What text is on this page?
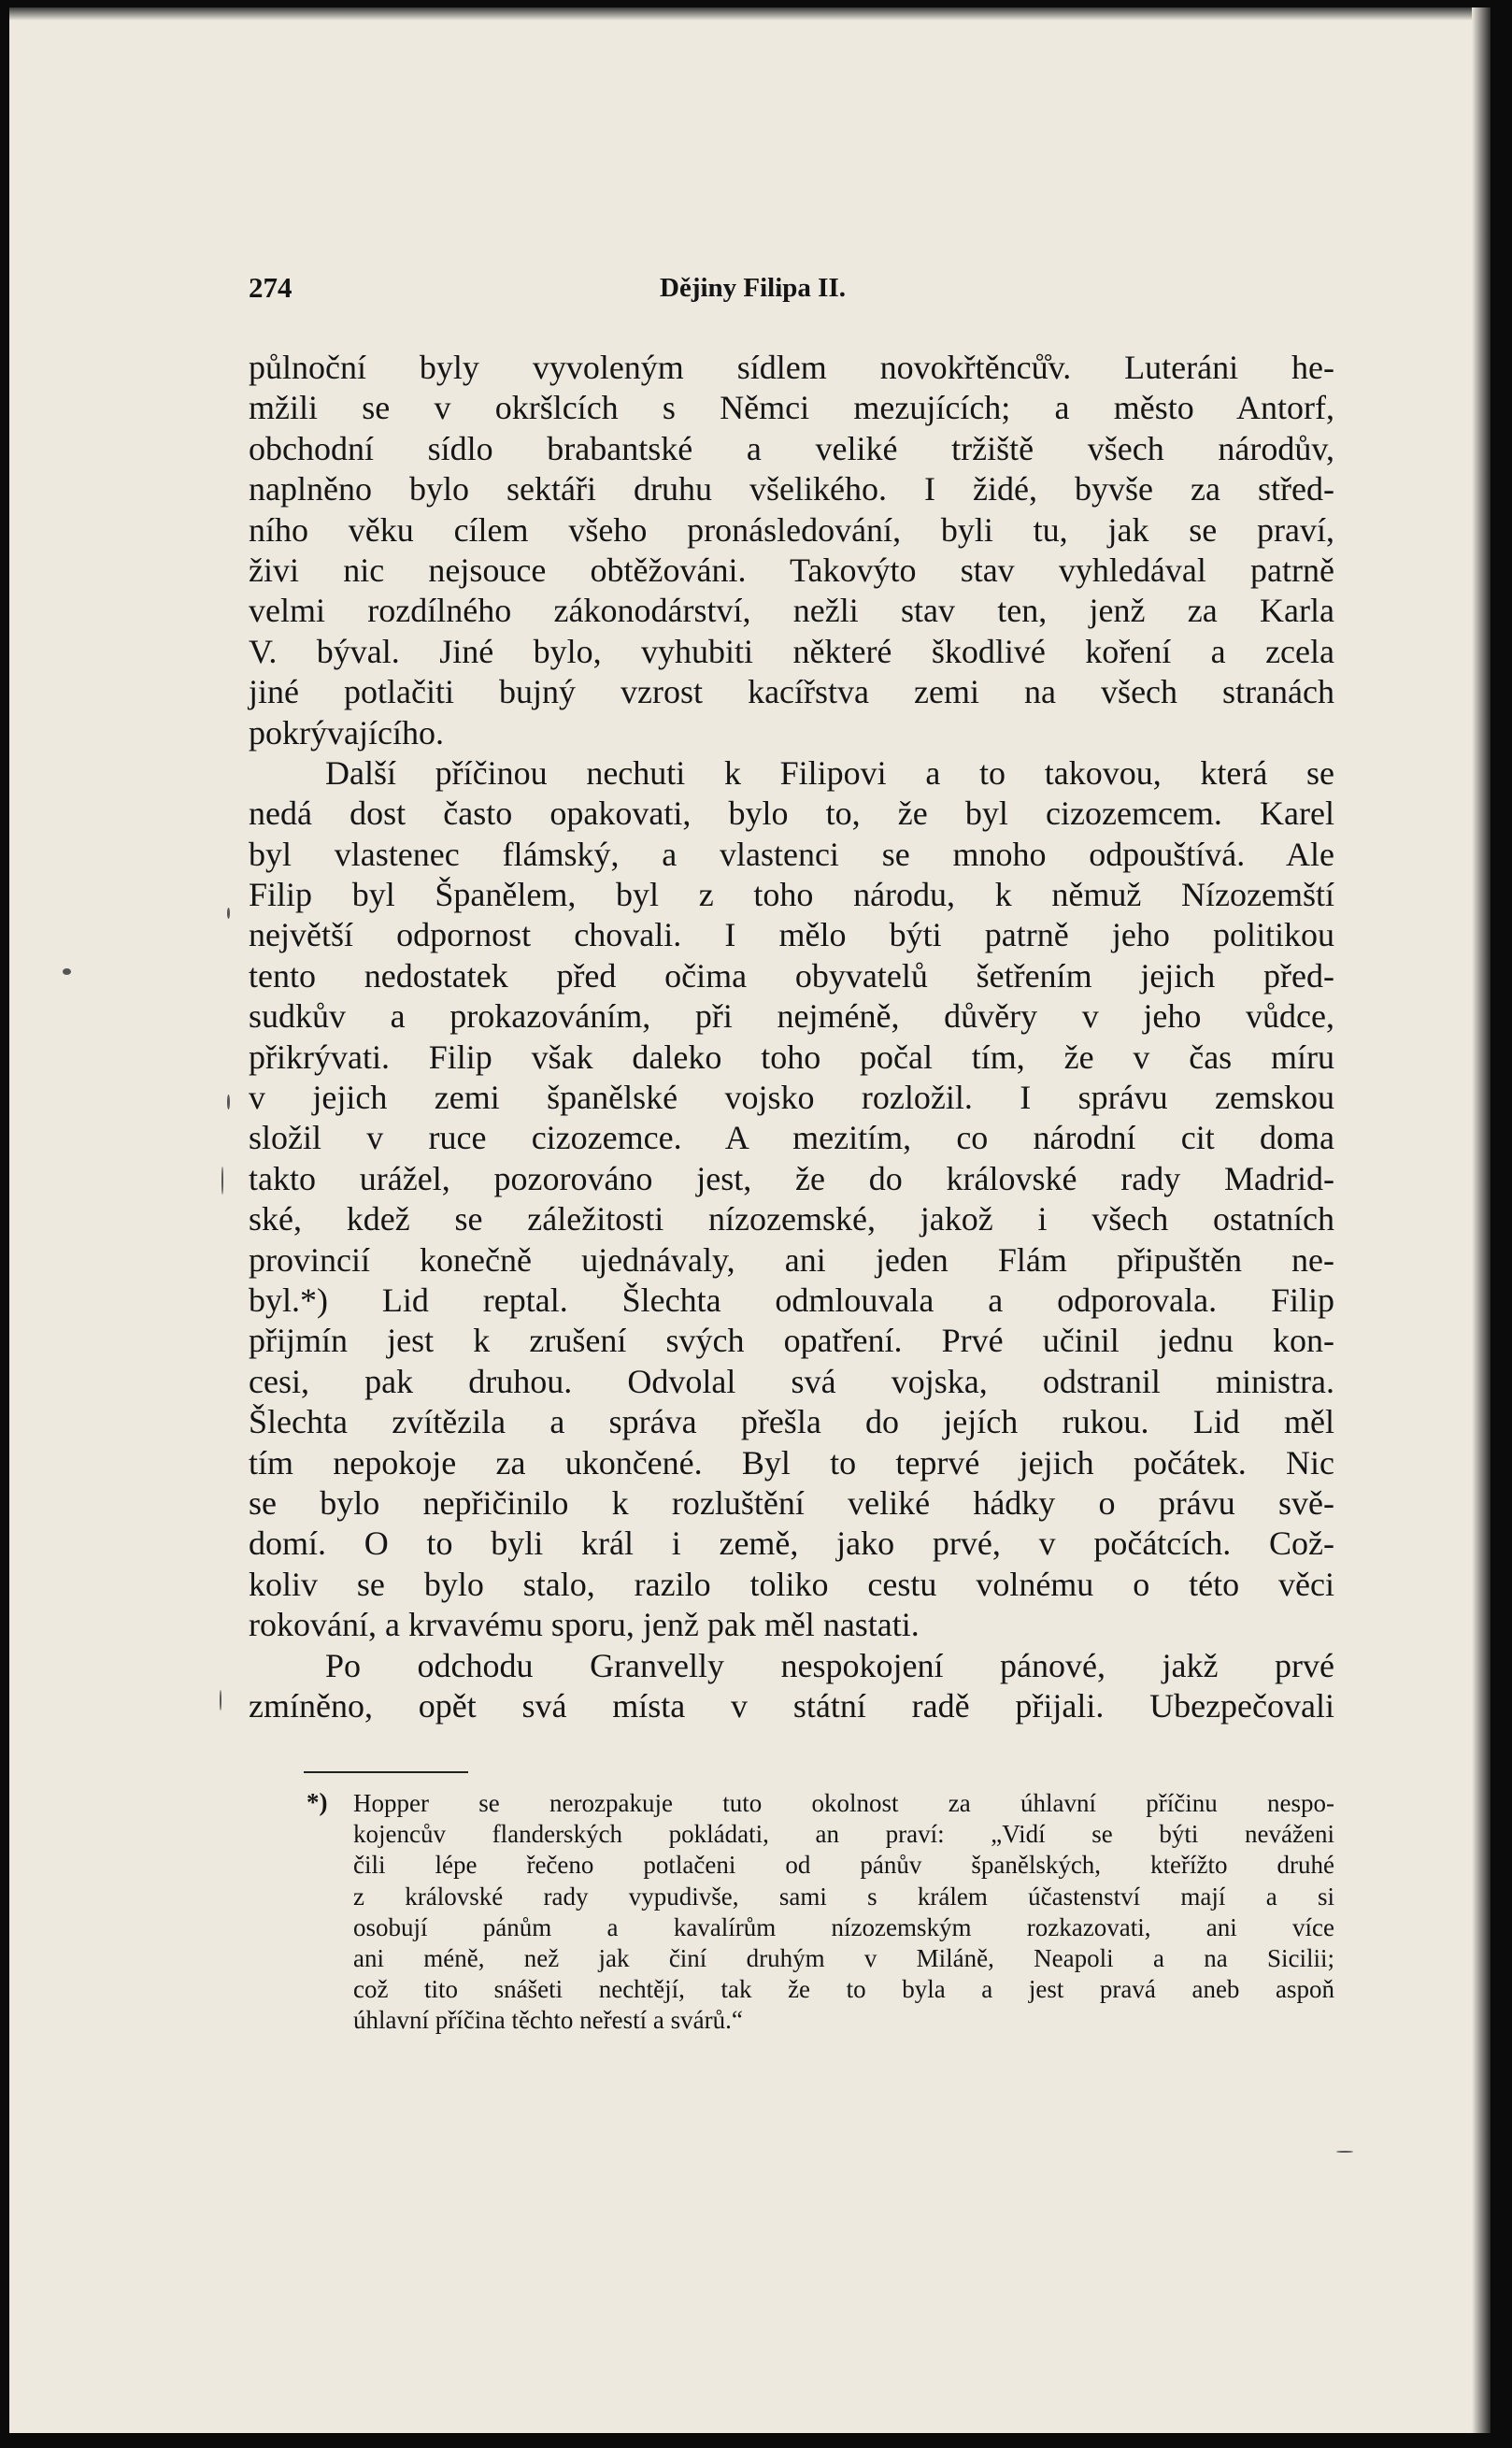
274	Dějiny Filipa II.
půlnoční byly vyvoleným sídlem novokřtěnců̊v. Luteráni he-
mžili se v okršlcích s Němci mezujících; a město Antorf,
obchodní sídlo brabantské a veliké tržiště všech národův,
naplněno bylo sektáři druhu všelikého. I židé, byvše za střed-
ního věku cílem všeho pronásledování, byli tu, jak se praví,
živi nic nejsouce obtěžováni. Takovýto stav vyhledával patrně
velmi rozdílného zákonodárství, nežli stav ten, jenž za Karla
V. býval. Jiné bylo, vyhubiti některé škodlivé koření a zcela
jiné potlačiti bujný vzrost kacířstva zemi na všech stranách
pokrývajícího.
Další příčinou nechuti k Filipovi a to takovou, která se
nedá dost často opakovati, bylo to, že byl cizozemcem. Karel
byl vlastenec flámský, a vlastenci se mnoho odpouštívá. Ale
Filip byl Španělem, byl z toho národu, k němuž Nízozemští
největší odpornost chovali. I mělo býti patrně jeho politikou
tento nedostatek před očima obyvatelů šetřením jejich před-
sudkův a prokazováním, při nejméně, důvěry v jeho vůdce,
přikrývati. Filip však daleko toho počal tím, že v čas míru
v jejich zemi španělské vojsko rozložil. I správu zemskou
složil v ruce cizozemce. A mezitím, co národní cit doma
takto urážel, pozorováno jest, že do královské rady Madrid-
ské, kdež se záležitosti nízozemské, jakož i všech ostatních
provincií konečně ujednávaly, ani jeden Flám připuštěn ne-
byl.*) Lid reptal. Šlechta odmlouvala a odporovala. Filip
přijmín jest k zrušení svých opatření. Prvé učinil jednu kon-
cesi, pak druhou. Odvolal svá vojska, odstranil ministra.
Šlechta zvítězila a správa přešla do jejích rukou. Lid měl
tím nepokoje za ukončené. Byl to teprvé jejich počátek. Nic
se bylo nepřičinilo k rozluštění veliké hádky o právu svě-
domí. O to byli král i země, jako prvé, v počátcích. Což-
koliv se bylo stalo, razilo toliko cestu volnému o této věci
rokování, a krvavému sporu, jenž pak měl nastati.
Po odchodu Granvelly nespokojení pánové, jakž prvé
zmíněno, opět svá místa v státní radě přijali. Ubezpečovali
*) Hopper se nerozpakuje tuto okolnost za úhlavní příčinu nespo-
kojencův flanderských pokládati, an praví: „Vidí se býti neváženi
čili lépe řečeno potlačeni od pánův španělských, kteřížto druhé
z královské rady vypudivše, sami s králem účastenství mají a si
osobují pánům a kavalírům nízozemským rozkazovati, ani více
ani méně, než jak činí druhým v Miláně, Neapoli a na Sicilii;
což tito snášeti nechtějí, tak že to byla a jest pravá aneb aspoň
úhlavní příčina těchto neřestí a svárů.“
